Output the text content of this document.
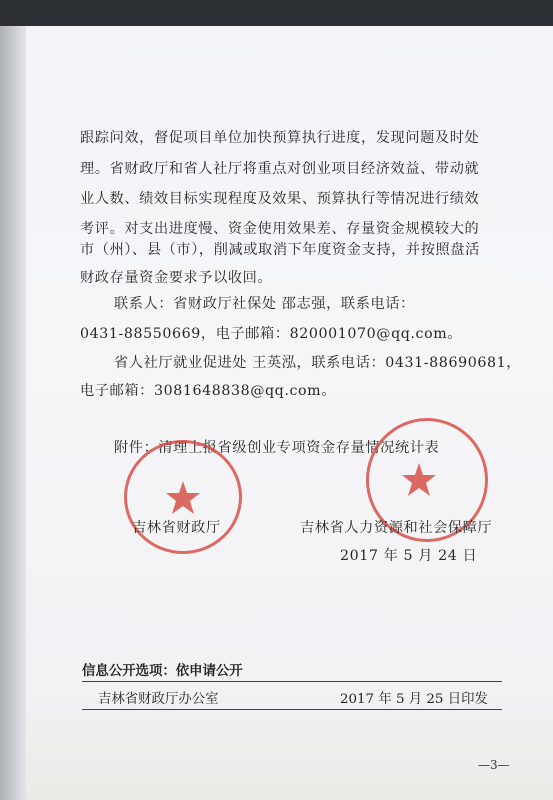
跟踪问效，督促项目单位加快预算执行进度，发现问题及时处
理。省财政厅和省人社厅将重点对创业项目经济效益、带动就
业人数、绩效目标实现程度及效果、预算执行等情况进行绩效
考评。对支出进度慢、资金使用效果差、存量资金规模较大的
市（州）、县（市），削减或取消下年度资金支持，并按照盘活
财政存量资金要求予以收回。
联系人：省财政厅社保处 邵志强，联系电话：
0431-88550669，电子邮箱：820001070@qq.com。
省人社厅就业促进处 王英泓，联系电话：0431-88690681，
电子邮箱：3081648838@qq.com。
附件：清理上报省级创业专项资金存量情况统计表
吉林省财政厅	吉林省人力资源和社会保障厅
2017 年 5 月 24 日
信息公开选项：依申请公开
吉林省财政厅办公室	2017 年 5 月 25 日印发
—3—
